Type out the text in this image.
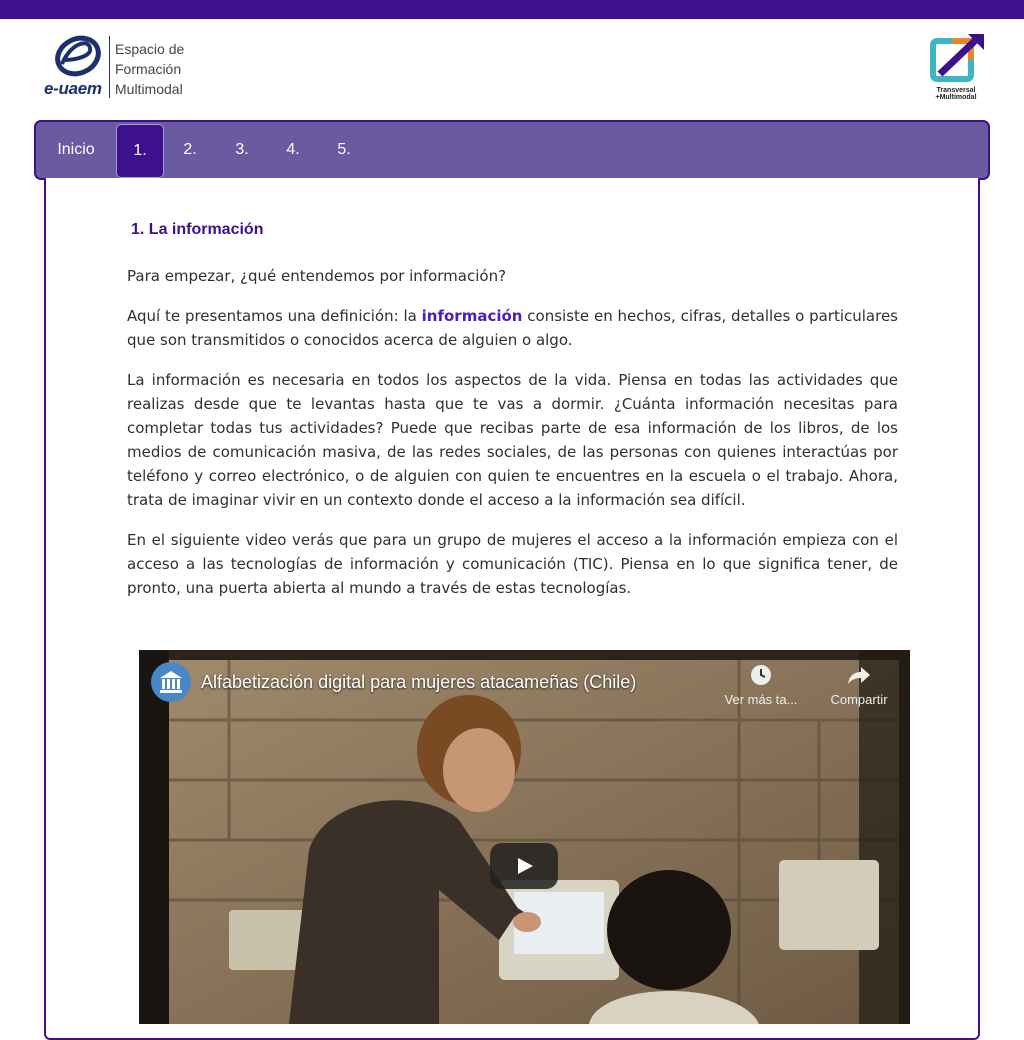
e-uaem
Espacio de
Formación
Multimodal	Transversal
+Multimodal
Inicio	1.	2.	3.	4.	5.
1. La información

Para empezar, ¿qué entendemos por información?

Aquí te presentamos una definición: la información consiste en hechos, cifras, detalles o particulares que son transmitidos o conocidos acerca de alguien o algo.

La información es necesaria en todos los aspectos de la vida. Piensa en todas las actividades que realizas desde que te levantas hasta que te vas a dormir. ¿Cuánta información necesitas para completar todas tus actividades? Puede que recibas parte de esa información de los libros, de los medios de comunicación masiva, de las redes sociales, de las personas con quienes interactúas por teléfono y correo electrónico, o de alguien con quien te encuentres en la escuela o el trabajo. Ahora, trata de imaginar vivir en un contexto donde el acceso a la información sea difícil.

En el siguiente video verás que para un grupo de mujeres el acceso a la información empieza con el acceso a las tecnologías de información y comunicación (TIC). Piensa en lo que significa tener, de pronto, una puerta abierta al mundo a través de estas tecnologías.

Alfabetización digital para mujeres atacameñas (Chile)
Ver más ta...	Compartir
